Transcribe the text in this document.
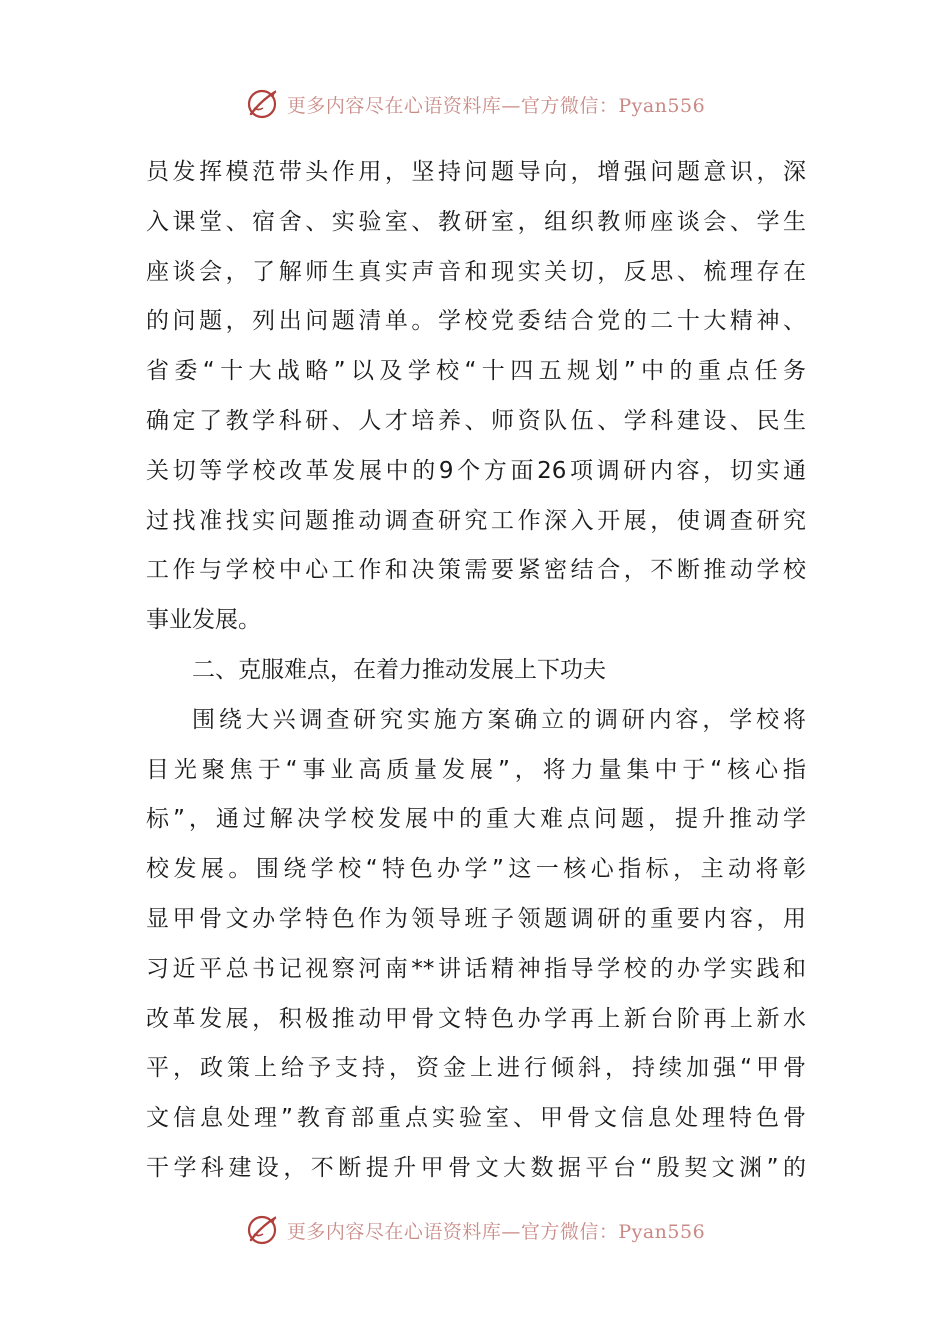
更多内容尽在心语资料库—官方微信：Pyan556
员发挥模范带头作用，坚持问题导向，增强问题意识，深
入课堂、宿舍、实验室、教研室，组织教师座谈会、学生
座谈会，了解师生真实声音和现实关切，反思、梳理存在
的问题，列出问题清单。学校党委结合党的二十大精神、
省委“十大战略”以及学校“十四五规划”中的重点任务
确定了教学科研、人才培养、师资队伍、学科建设、民生
关切等学校改革发展中的9个方面26项调研内容，切实通
过找准找实问题推动调查研究工作深入开展，使调查研究
工作与学校中心工作和决策需要紧密结合，不断推动学校
事业发展。
二、克服难点，在着力推动发展上下功夫
围绕大兴调查研究实施方案确立的调研内容，学校将
目光聚焦于“事业高质量发展”，将力量集中于“核心指
标”，通过解决学校发展中的重大难点问题，提升推动学
校发展。围绕学校“特色办学”这一核心指标，主动将彰
显甲骨文办学特色作为领导班子领题调研的重要内容，用
习近平总书记视察河南**讲话精神指导学校的办学实践和
改革发展，积极推动甲骨文特色办学再上新台阶再上新水
平，政策上给予支持，资金上进行倾斜，持续加强“甲骨
文信息处理”教育部重点实验室、甲骨文信息处理特色骨
干学科建设，不断提升甲骨文大数据平台“殷契文渊”的
更多内容尽在心语资料库—官方微信：Pyan556
